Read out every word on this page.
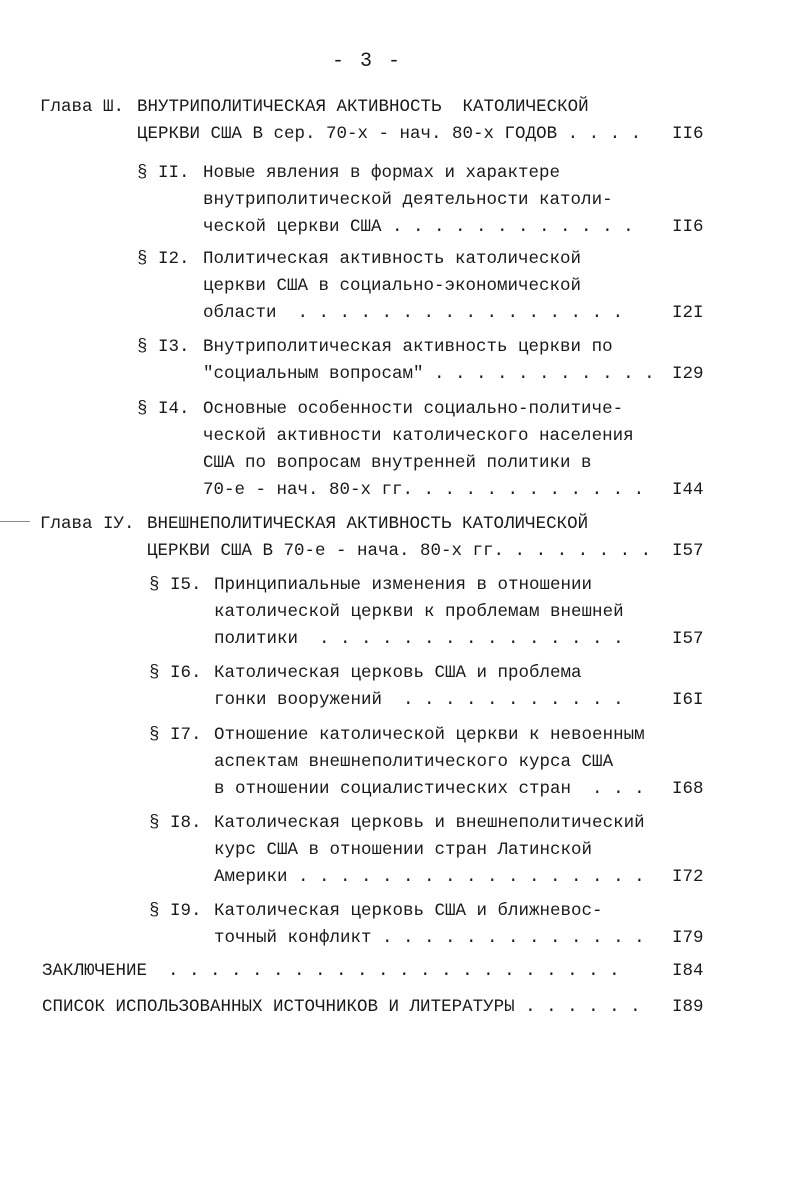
- 3 -
Глава Ш. ВНУТРИПОЛИТИЧЕСКАЯ АКТИВНОСТЬ  КАТОЛИЧЕСКОЙ
ЦЕРКВИ США В сер. 70-х - нач. 80-х ГОДОВ . . . . II6
§ II. Новые явления в формах и характере
внутриполитической деятельности католи-
ческой церкви США . . . . . . . . . . . . II6
§ I2. Политическая активность католической
церкви США в социально-экономической
области  . . . . . . . . . . . . . . . .	I2I
§ I3. Внутриполитическая активность церкви по
"социальным вопросам" . . . . . . . . . . . I29
§ I4. Основные особенности социально-политиче-
ческой активности католического населения
США по вопросам внутренней политики в
70-е - нач. 80-х гг. . . . . . . . . . . . I44
Глава IУ. ВНЕШНЕПОЛИТИЧЕСКАЯ АКТИВНОСТЬ КАТОЛИЧЕСКОЙ
ЦЕРКВИ США В 70-е - нача. 80-х гг. . . . . . . . I57
§ I5. Принципиальные изменения в отношении
католической церкви к проблемам внешней
политики  . . . . . . . . . . . . . . .	I57
§ I6. Католическая церковь США и проблема
гонки вооружений  . . . . . . . . . . .	I6I
§ I7. Отношение католической церкви к невоенным
аспектам внешнеполитического курса США
в отношении социалистических стран  . . . I68
§ I8. Католическая церковь и внешнеполитический
курс США в отношении стран Латинской
Америки . . . . . . . . . . . . . . . . . I72
§ I9. Католическая церковь США и ближневос-
точный конфликт . . . . . . . . . . . . . I79
ЗАКЛЮЧЕНИЕ  . . . . . . . . . . . . . . . . . . . . . .	I84
СПИСОК ИСПОЛЬЗОВАННЫХ ИСТОЧНИКОВ И ЛИТЕРАТУРЫ . . . . . . I89
